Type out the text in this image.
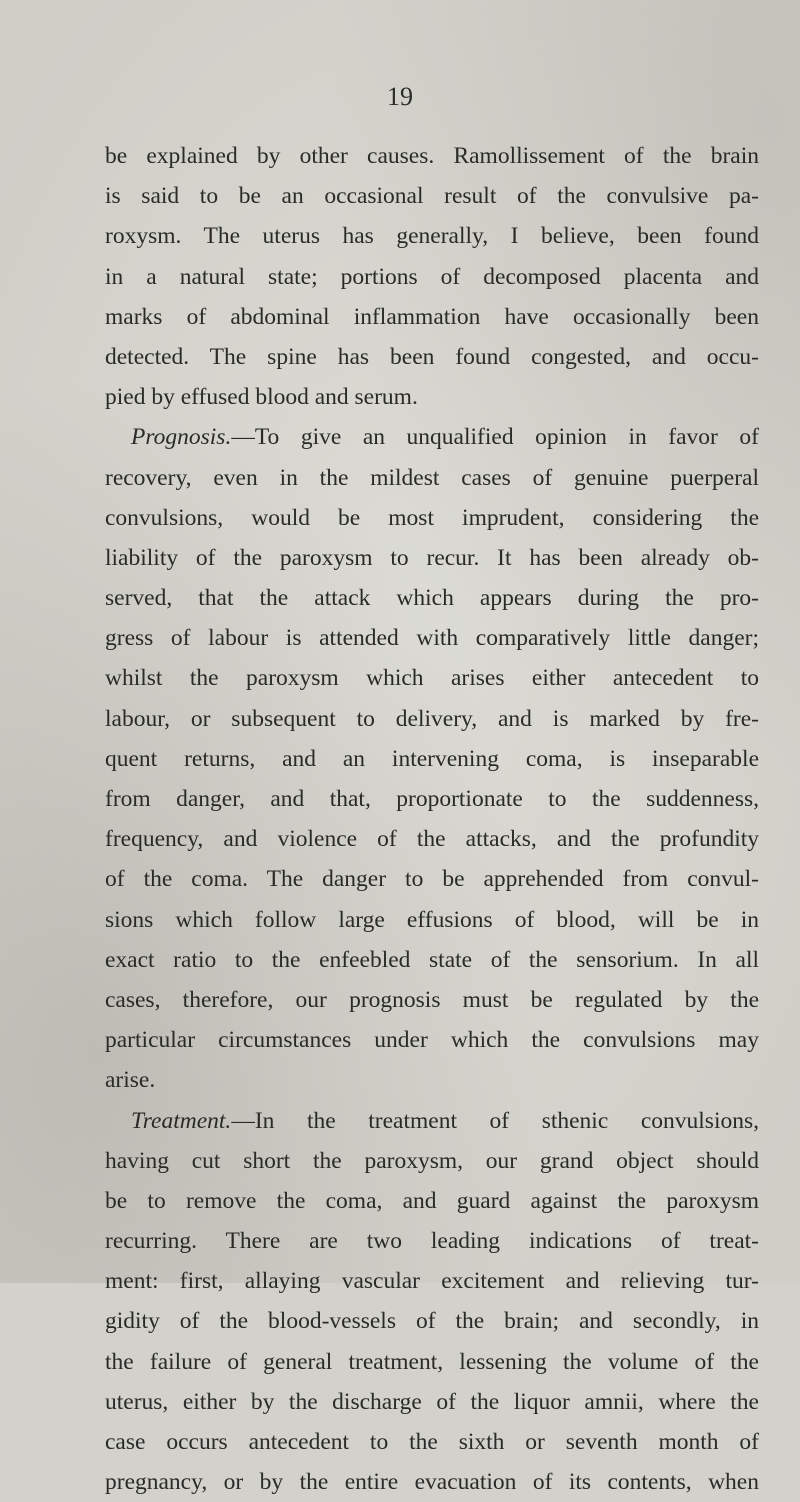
19
be explained by other causes. Ramollissement of the brain
is said to be an occasional result of the convulsive pa-
roxysm. The uterus has generally, I believe, been found
in a natural state; portions of decomposed placenta and
marks of abdominal inflammation have occasionally been
detected. The spine has been found congested, and occu-
pied by effused blood and serum.
Prognosis.—To give an unqualified opinion in favor of
recovery, even in the mildest cases of genuine puerperal
convulsions, would be most imprudent, considering the
liability of the paroxysm to recur. It has been already ob-
served, that the attack which appears during the pro-
gress of labour is attended with comparatively little danger;
whilst the paroxysm which arises either antecedent to
labour, or subsequent to delivery, and is marked by fre-
quent returns, and an intervening coma, is inseparable
from danger, and that, proportionate to the suddenness,
frequency, and violence of the attacks, and the profundity
of the coma. The danger to be apprehended from convul-
sions which follow large effusions of blood, will be in
exact ratio to the enfeebled state of the sensorium. In all
cases, therefore, our prognosis must be regulated by the
particular circumstances under which the convulsions may
arise.
Treatment.—In the treatment of sthenic convulsions,
having cut short the paroxysm, our grand object should
be to remove the coma, and guard against the paroxysm
recurring. There are two leading indications of treat-
ment: first, allaying vascular excitement and relieving tur-
gidity of the blood-vessels of the brain; and secondly, in
the failure of general treatment, lessening the volume of the
uterus, either by the discharge of the liquor amnii, where the
case occurs antecedent to the sixth or seventh month of
pregnancy, or by the entire evacuation of its contents, when
